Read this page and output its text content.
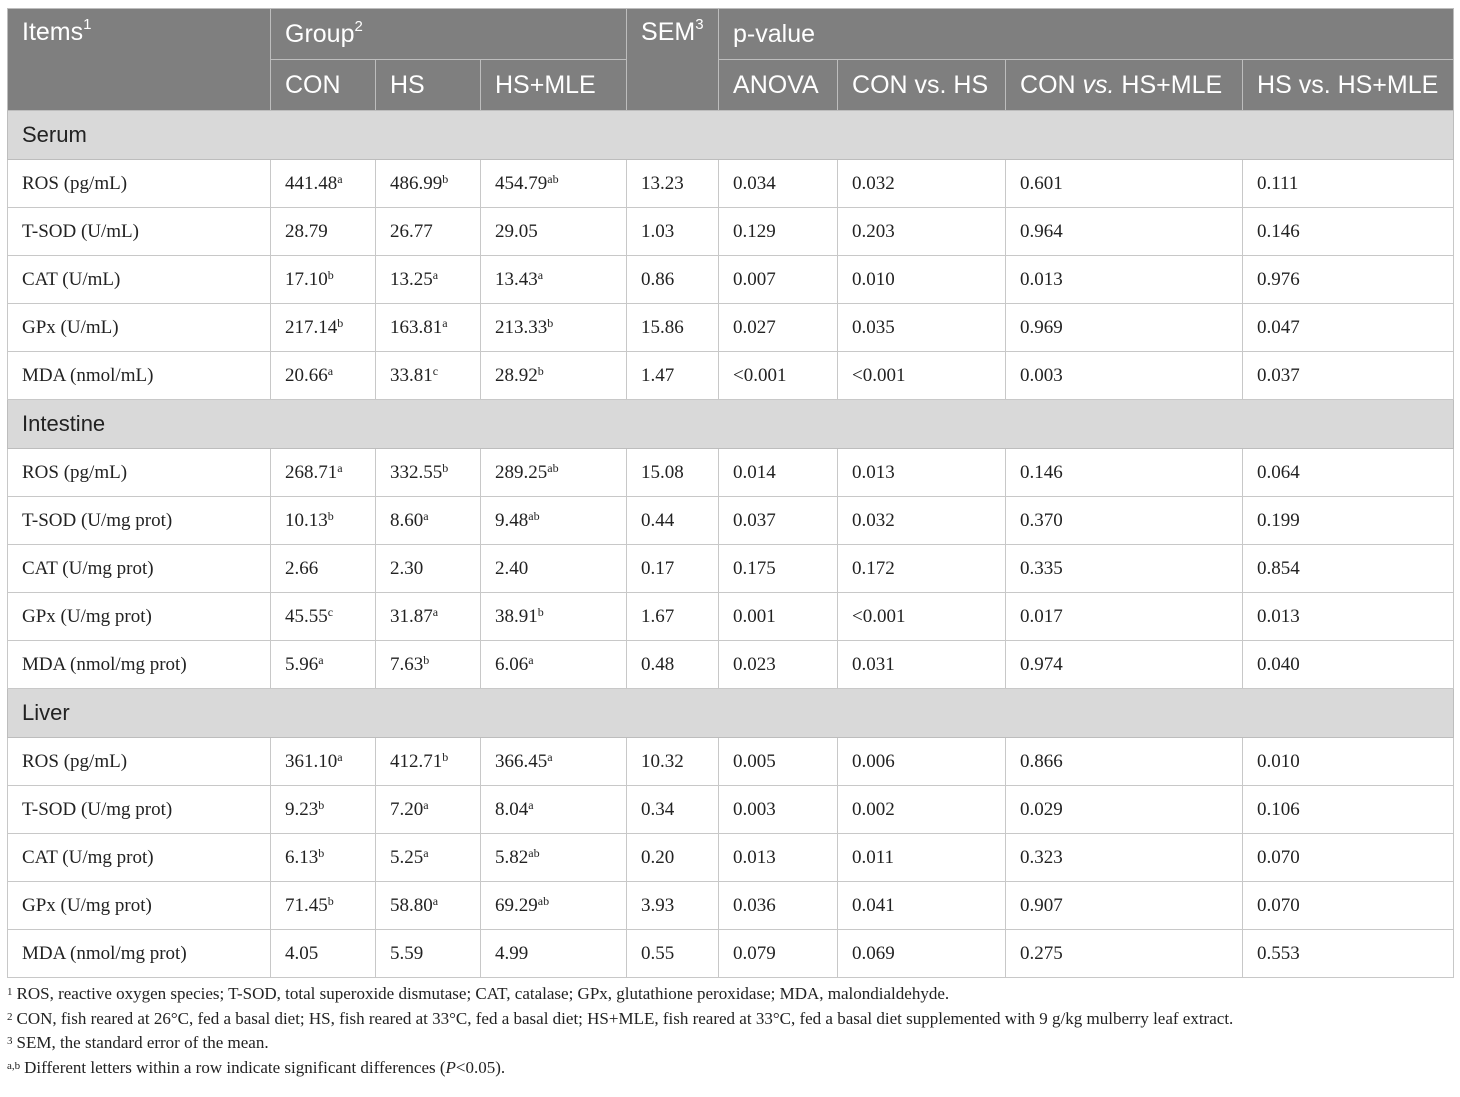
Items$^1$	Group$^2$			SEM$^3$	p-value			
	CON	HS	HS+MLE		ANOVA	CON vs. HS	CON vs. HS+MLE	HS vs. HS+MLE
Serum								
ROS (pg/mL)	441.48$^a$	486.99$^b$	454.79$^{ab}$	13.23	0.034	0.032	0.601	0.111
T-SOD (U/mL)	28.79	26.77	29.05	1.03	0.129	0.203	0.964	0.146
CAT (U/mL)	17.10$^b$	13.25$^a$	13.43$^a$	0.86	0.007	0.010	0.013	0.976
GPx (U/mL)	217.14$^b$	163.81$^a$	213.33$^b$	15.86	0.027	0.035	0.969	0.047
MDA (nmol/mL)	20.66$^a$	33.81$^c$	28.92$^b$	1.47	<0.001	<0.001	0.003	0.037
Intestine								
ROS (pg/mL)	268.71$^a$	332.55$^b$	289.25$^{ab}$	15.08	0.014	0.013	0.146	0.064
T-SOD (U/mg prot)	10.13$^b$	8.60$^a$	9.48$^{ab}$	0.44	0.037	0.032	0.370	0.199
CAT (U/mg prot)	2.66	2.30	2.40	0.17	0.175	0.172	0.335	0.854
GPx (U/mg prot)	45.55$^c$	31.87$^a$	38.91$^b$	1.67	0.001	<0.001	0.017	0.013
MDA (nmol/mg prot)	5.96$^a$	7.63$^b$	6.06$^a$	0.48	0.023	0.031	0.974	0.040
Liver								
ROS (pg/mL)	361.10$^a$	412.71$^b$	366.45$^a$	10.32	0.005	0.006	0.866	0.010
T-SOD (U/mg prot)	9.23$^b$	7.20$^a$	8.04$^a$	0.34	0.003	0.002	0.029	0.106
CAT (U/mg prot)	6.13$^b$	5.25$^a$	5.82$^{ab}$	0.20	0.013	0.011	0.323	0.070
GPx (U/mg prot)	71.45$^b$	58.80$^a$	69.29$^{ab}$	3.93	0.036	0.041	0.907	0.070
MDA (nmol/mg prot)	4.05	5.59	4.99	0.55	0.079	0.069	0.275	0.553
$^1$ ROS, reactive oxygen species; T-SOD, total superoxide dismutase; CAT, catalase; GPx, glutathione peroxidase; MDA, malondialdehyde.
$^2$ CON, fish reared at 26°C, fed a basal diet; HS, fish reared at 33°C, fed a basal diet; HS+MLE, fish reared at 33°C, fed a basal diet supplemented with 9 g/kg mulberry leaf extract.
$^3$ SEM, the standard error of the mean.
$^{a,b}$ Different letters within a row indicate significant differences (P<0.05).
